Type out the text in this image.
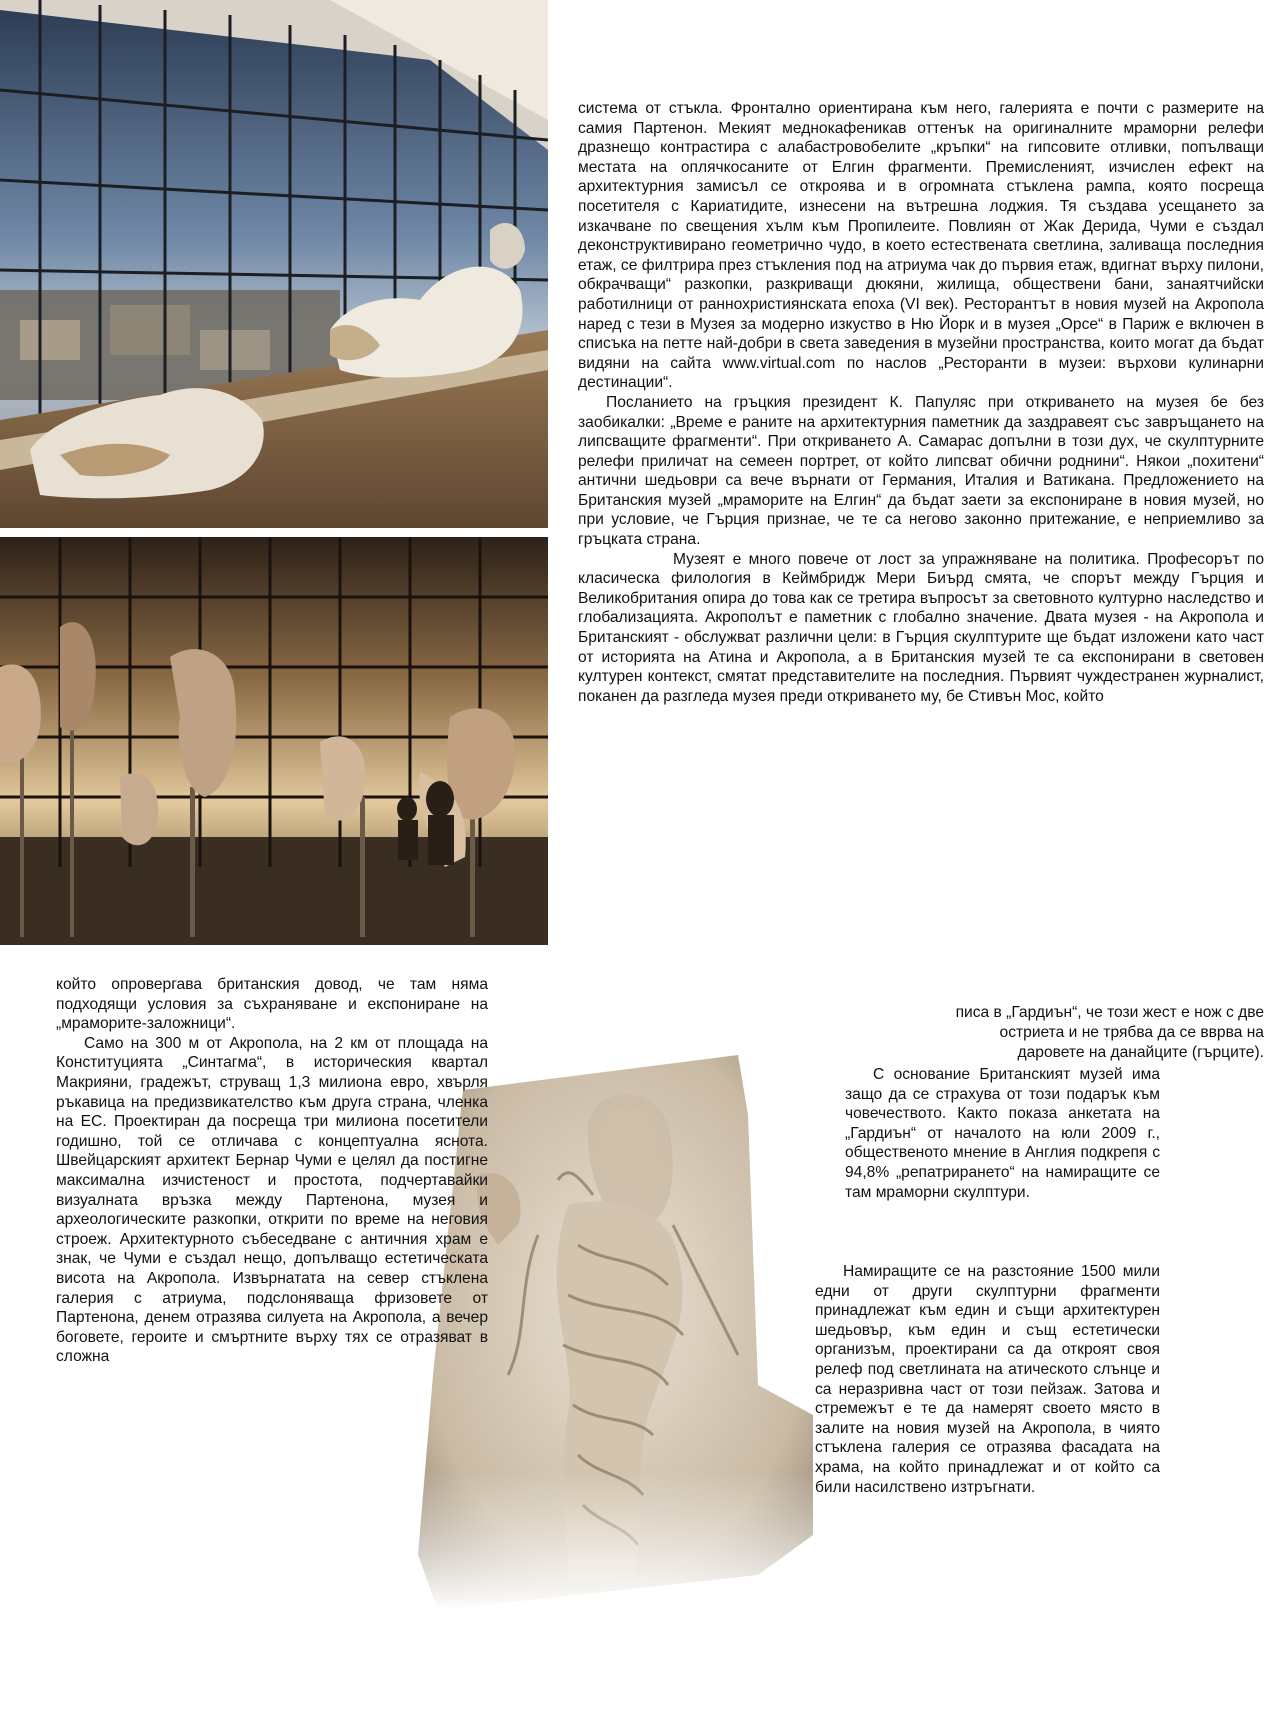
система от стъкла. Фронтално ориентирана към него, галерията е почти с размерите на самия Партенон. Мекият меднокафеникав оттенък на оригиналните мраморни релефи дразнещо контрастира с алабастровобелите „кръпки“ на гипсовите отливки, попълващи местата на оплячкосаните от Елгин фрагменти. Премисленият, изчислен ефект на архитектурния замисъл се откроява и в огромната стъклена рампа, която посреща посетителя с Кариатидите, изнесени на вътрешна лоджия. Тя създава усещането за изкачване по свещения хълм към Пропилеите. Повлиян от Жак Дерида, Чуми е създал деконструктивирано геометрично чудо, в което естествената светлина, заливаща последния етаж, се филтрира през стъкления под на атриума чак до първия етаж, вдигнат върху пилони, обкрачващи“ разкопки, разкриващи дюкяни, жилища, обществени бани, занаятчийски работилници от раннохристиянската епоха (VI век). Ресторантът в новия музей на Акропола наред с тези в Музея за модерно изкуство в Ню Йорк и в музея „Орсе“ в Париж е включен в списъка на петте най-добри в света заведения в музейни пространства, които могат да бъдат видяни на сайта www.virtual.com по наслов „Ресторанти в музеи: върхови кулинарни дестинации“.

Посланието на гръцкия президент К. Папуляс при откриването на музея бе без заобикалки: „Време е раните на архитектурния паметник да заздравеят със завръщането на липсващите фрагменти“. При откриването А. Самарас допълни в този дух, че скулптурните релефи приличат на семеен портрет, от който липсват обични роднини“. Някои „похитени“ антични шедьоври са вече върнати от Германия, Италия и Ватикана. Предложението на Британския музей „мраморите на Елгин“ да бъдат заети за експониране в новия музей, но при условие, че Гърция признае, че те са негово законно притежание, е неприемливо за гръцката страна.

Музеят е много повече от лост за упражняване на политика. Професорът по класическа филология в Кеймбридж Мери Биърд смята, че спорът между Гърция и Великобритания опира до това как се третира въпросът за световното културно наследство и глобализацията. Акрополът е паметник с глобално значение. Двата музея - на Акропола и Британският - обслужват различни цели: в Гърция скулптурите ще бъдат изложени като част от историята на Атина и Акропола, а в Британския музей те са експонирани в световен културен контекст, смятат представителите на последния. Първият чуждестранен журналист, поканен да разгледа музея преди откриването му, бе Стивън Мос, който

писа в „Гардиън“, че този жест е нож с две
остриета и не трябва да се вврва на
даровете на данайците (гърците).

С основание Британският музей има защо да се страхува от този подарък към човечеството. Както показа анкетата на „Гардиън“ от началото на юли 2009 г., общественото мнение в Англия подкрепя с 94,8% „репатрирането“ на намиращите се там мраморни скулптури.

Намиращите се на разстояние 1500 мили едни от други скулптурни фрагменти принадлежат към един и същи архитектурен шедьовър, към един и същ естетически организъм, проектирани са да откроят своя релеф под светлината на атическото слънце и са неразривна част от този пейзаж. Затова и стремежът е те да намерят своето място в залите на новия музей на Акропола, в чиято стъклена галерия се отразява фасадата на храма, на който принадлежат и от който са били насилствено изтръгнати.

който опровергава британския довод, че там няма подходящи условия за съхраняване и експониране на „мраморите-заложници“.

Само на 300 м от Акропола, на 2 км от площада на Конституцията „Синтагма“, в историческия квартал Макрияни, градежът, струващ 1,3 милиона евро, хвърля ръкавица на предизвикателство към друга страна, членка на ЕС. Проектиран да посреща три милиона посетители годишно, той се отличава с концептуална яснота. Швейцарският архитект Бернар Чуми е целял да постигне максимална изчистеност и простота, подчертавайки визуалната връзка между Партенона, музея и археологическите разкопки, открити по време на неговия строеж. Архитектурното събеседване с античния храм е знак, че Чуми е създал нещо, допълващо естетическата висота на Акропола. Извърнатата на север стъклена галерия с атриума, подслоняваща фризовете от Партенона, денем отразява силуета на Акропола, а вечер боговете, героите и смъртните върху тях се отразяват в сложна
